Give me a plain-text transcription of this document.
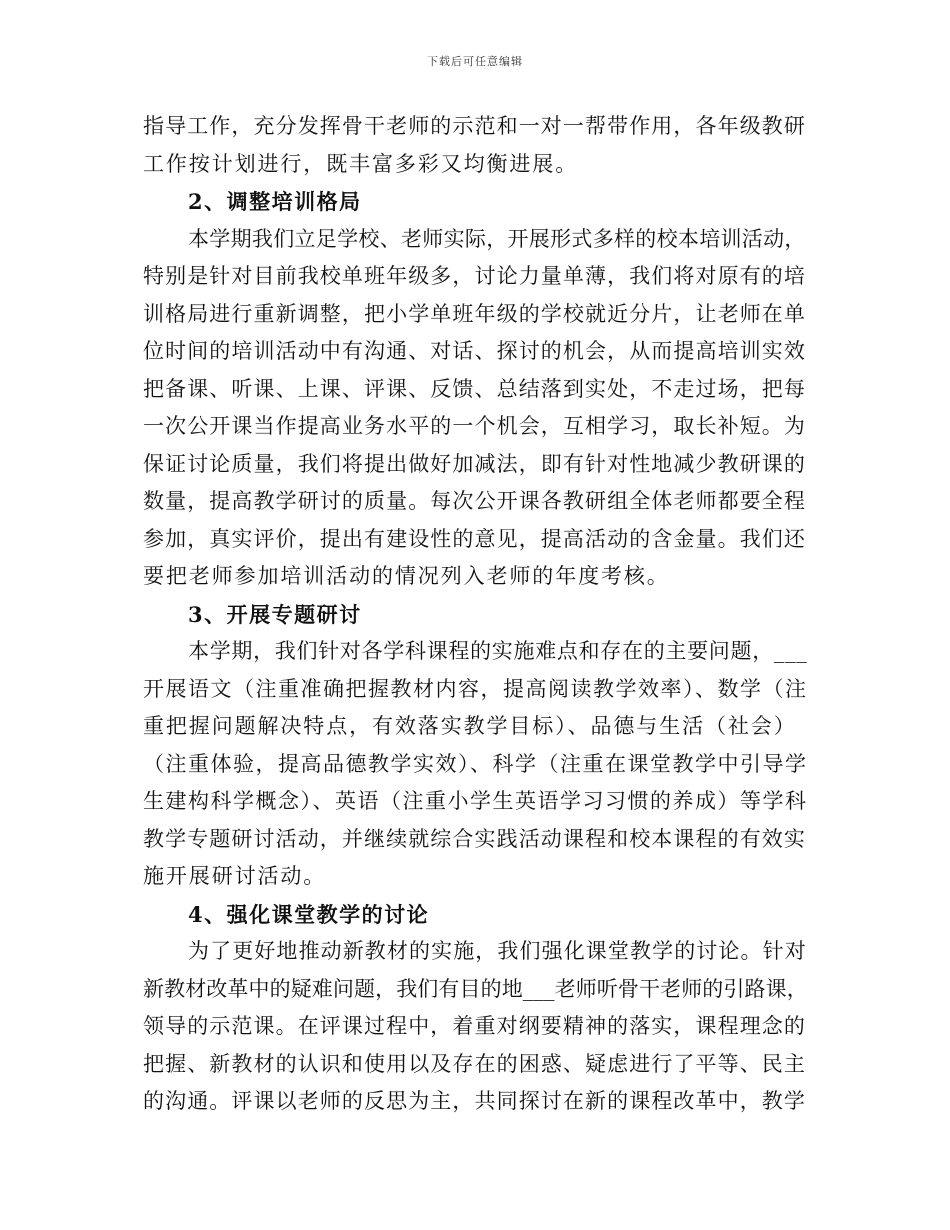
下载后可任意编辑
指导工作，充分发挥骨干老师的示范和一对一帮带作用，各年级教研
工作按计划进行，既丰富多彩又均衡进展。
2、调整培训格局
本学期我们立足学校、老师实际，开展形式多样的校本培训活动，
特别是针对目前我校单班年级多，讨论力量单薄，我们将对原有的培
训格局进行重新调整，把小学单班年级的学校就近分片，让老师在单
位时间的培训活动中有沟通、对话、探讨的机会，从而提高培训实效
把备课、听课、上课、评课、反馈、总结落到实处，不走过场，把每
一次公开课当作提高业务水平的一个机会，互相学习，取长补短。为
保证讨论质量，我们将提出做好加减法，即有针对性地减少教研课的
数量，提高教学研讨的质量。每次公开课各教研组全体老师都要全程
参加，真实评价，提出有建设性的意见，提高活动的含金量。我们还
要把老师参加培训活动的情况列入老师的年度考核。
3、开展专题研讨
本学期，我们针对各学科课程的实施难点和存在的主要问题，___
开展语文（注重准确把握教材内容，提高阅读教学效率）、数学（注
重把握问题解决特点，有效落实教学目标）、品德与生活（社会）
（注重体验，提高品德教学实效）、科学（注重在课堂教学中引导学
生建构科学概念）、英语（注重小学生英语学习习惯的养成）等学科
教学专题研讨活动，并继续就综合实践活动课程和校本课程的有效实
施开展研讨活动。
4、强化课堂教学的讨论
为了更好地推动新教材的实施，我们强化课堂教学的讨论。针对
新教材改革中的疑难问题，我们有目的地___老师听骨干老师的引路课，
领导的示范课。在评课过程中，着重对纲要精神的落实，课程理念的
把握、新教材的认识和使用以及存在的困惑、疑虑进行了平等、民主
的沟通。评课以老师的反思为主，共同探讨在新的课程改革中，教学
